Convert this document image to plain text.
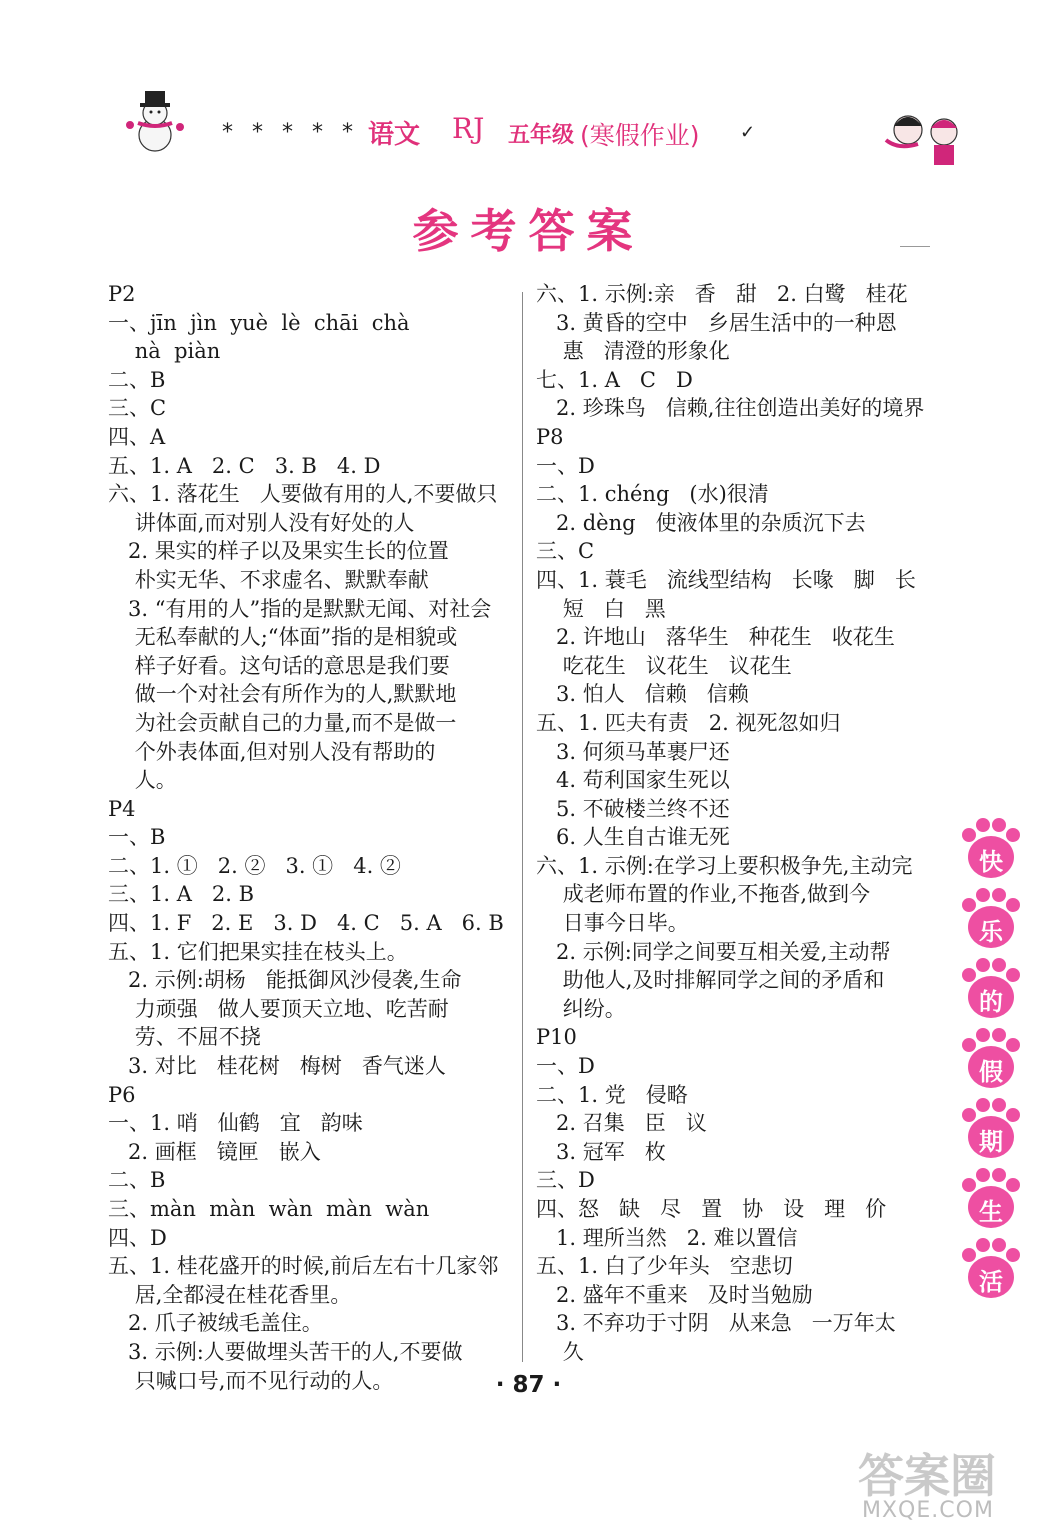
* * * * * 语文 RJ 五年级 (寒假作业) ✓
参考答案
P2
一、jīn  jìn  yuè  lè  chāi  chà
nà  piàn
二、B
三、C
四、A
五、1. A   2. C   3. B   4. D
六、1. 落花生   人要做有用的人,不要做只
讲体面,而对别人没有好处的人
2. 果实的样子以及果实生长的位置
朴实无华、不求虚名、默默奉献
3. “有用的人”指的是默默无闻、对社会
无私奉献的人;“体面”指的是相貌或
样子好看。这句话的意思是我们要
做一个对社会有所作为的人,默默地
为社会贡献自己的力量,而不是做一
个外表体面,但对别人没有帮助的
人。
P4
一、B
二、1. ①   2. ②   3. ①   4. ②
三、1. A   2. B
四、1. F   2. E   3. D   4. C   5. A   6. B
五、1. 它们把果实挂在枝头上。
2. 示例:胡杨   能抵御风沙侵袭,生命
力顽强   做人要顶天立地、吃苦耐
劳、不屈不挠
3. 对比   桂花树   梅树   香气迷人
P6
一、1. 哨   仙鹤   宜   韵味
2. 画框   镜匣   嵌入
二、B
三、màn  màn  wàn  màn  wàn
四、D
五、1. 桂花盛开的时候,前后左右十几家邻
居,全都浸在桂花香里。
2. 爪子被绒毛盖住。
3. 示例:人要做埋头苦干的人,不要做
只喊口号,而不见行动的人。
六、1. 示例:亲   香   甜   2. 白鹭   桂花
3. 黄昏的空中   乡居生活中的一种恩
惠   清澄的形象化
七、1. A   C   D
2. 珍珠鸟   信赖,往往创造出美好的境界
P8
一、D
二、1. chéng   (水)很清
2. dèng   使液体里的杂质沉下去
三、C
四、1. 蓑毛   流线型结构   长喙   脚   长
短   白   黑
2. 许地山   落华生   种花生   收花生
吃花生   议花生   议花生
3. 怕人   信赖   信赖
五、1. 匹夫有责   2. 视死忽如归
3. 何须马革裹尸还
4. 苟利国家生死以
5. 不破楼兰终不还
6. 人生自古谁无死
六、1. 示例:在学习上要积极争先,主动完
成老师布置的作业,不拖沓,做到今
日事今日毕。
2. 示例:同学之间要互相关爱,主动帮
助他人,及时排解同学之间的矛盾和
纠纷。
P10
一、D
二、1. 党   侵略
2. 召集   臣   议
3. 冠军   枚
三、D
四、怒   缺   尽   置   协   设   理   价
1. 理所当然   2. 难以置信
五、1. 白了少年头   空悲切
2. 盛年不重来   及时当勉励
3. 不弃功于寸阴   从来急   一万年太
久
· 87 ·
快
乐
的
假
期
生
活
答案圈
MXQE.COM
